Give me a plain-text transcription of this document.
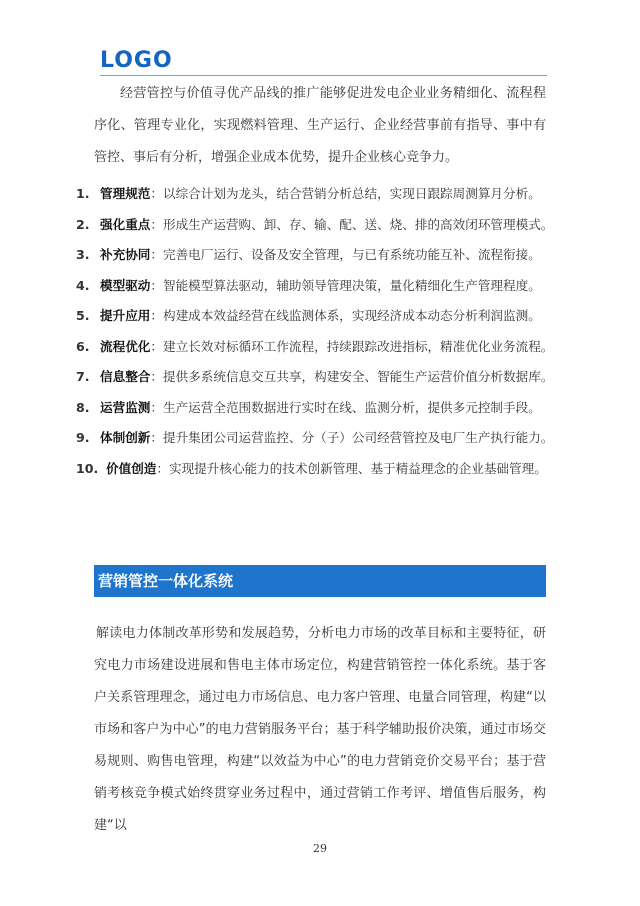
LOGO

经营管控与价值寻优产品线的推广能够促进发电企业业务精细化、流程程序化、管理专业化，实现燃料管理、生产运行、企业经营事前有指导、事中有管控、事后有分析，增强企业成本优势，提升企业核心竞争力。

1. 管理规范：以综合计划为龙头，结合营销分析总结，实现日跟踪周测算月分析。
2. 强化重点：形成生产运营购、卸、存、输、配、送、烧、排的高效闭环管理模式。
3. 补充协同：完善电厂运行、设备及安全管理，与已有系统功能互补、流程衔接。
4. 模型驱动：智能模型算法驱动，辅助领导管理决策，量化精细化生产管理程度。
5. 提升应用：构建成本效益经营在线监测体系，实现经济成本动态分析利润监测。
6. 流程优化：建立长效对标循环工作流程，持续跟踪改进指标，精准优化业务流程。
7. 信息整合：提供多系统信息交互共享，构建安全、智能生产运营价值分析数据库。
8. 运营监测：生产运营全范围数据进行实时在线、监测分析，提供多元控制手段。
9. 体制创新：提升集团公司运营监控、分（子）公司经营管控及电厂生产执行能力。
10. 价值创造：实现提升核心能力的技术创新管理、基于精益理念的企业基础管理。
营销管控一体化系统

解读电力体制改革形势和发展趋势，分析电力市场的改革目标和主要特征，研究电力市场建设进展和售电主体市场定位，构建营销管控一体化系统。基于客户关系管理理念，通过电力市场信息、电力客户管理、电量合同管理，构建“以市场和客户为中心”的电力营销服务平台；基于科学辅助报价决策，通过市场交易规则、购售电管理，构建“以效益为中心”的电力营销竞价交易平台；基于营销考核竞争模式始终贯穿业务过程中，通过营销工作考评、增值售后服务，构建“以

29
